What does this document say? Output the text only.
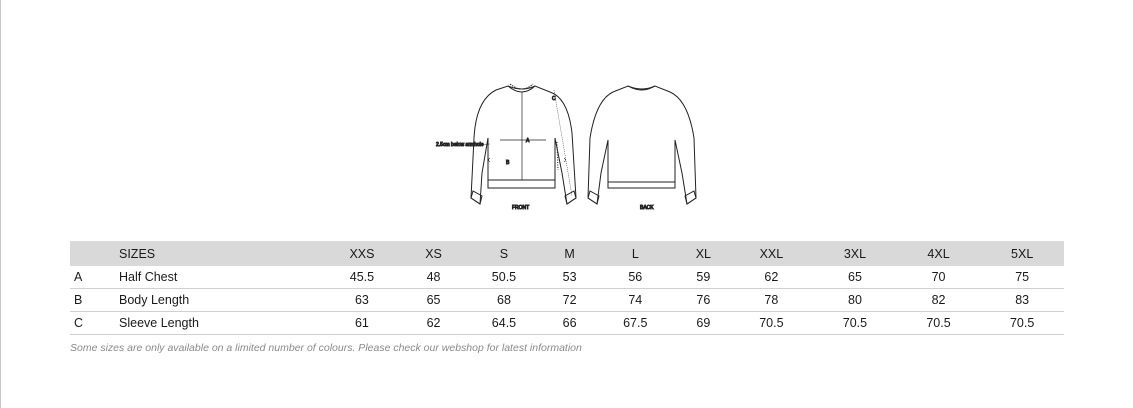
A
B
C
2.5cm below armhole
FRONT	BACK
	SIZES	XXS	XS	S	M	L	XL	XXL	3XL	4XL	5XL
A	Half Chest	45.5	48	50.5	53	56	59	62	65	70	75
B	Body Length	63	65	68	72	74	76	78	80	82	83
C	Sleeve Length	61	62	64.5	66	67.5	69	70.5	70.5	70.5	70.5
Some sizes are only available on a limited number of colours. Please check our webshop for latest information
